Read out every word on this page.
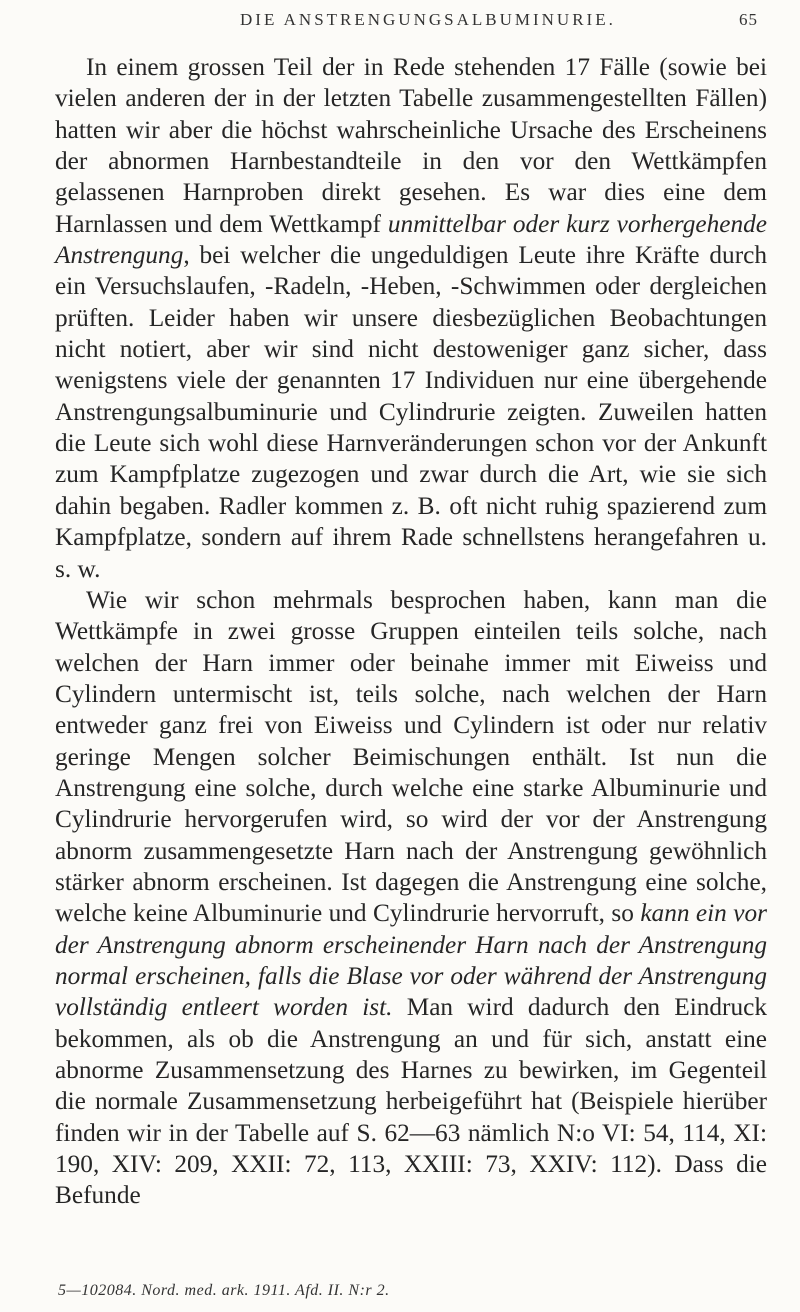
DIE ANSTRENGUNGSALBUMINURIE.	65

In einem grossen Teil der in Rede stehenden 17 Fälle (sowie bei vielen anderen der in der letzten Tabelle zusammengestellten Fällen) hatten wir aber die höchst wahrscheinliche Ursache des Erscheinens der abnormen Harnbestandteile in den vor den Wettkämpfen gelassenen Harnproben direkt gesehen. Es war dies eine dem Harnlassen und dem Wettkampf unmittelbar oder kurz vorhergehende Anstrengung, bei welcher die ungeduldigen Leute ihre Kräfte durch ein Versuchslaufen, -Radeln, -Heben, -Schwimmen oder dergleichen prüften. Leider haben wir unsere diesbezüglichen Beobachtungen nicht notiert, aber wir sind nicht destoweniger ganz sicher, dass wenigstens viele der genannten 17 Individuen nur eine übergehende Anstrengungsalbuminurie und Cylindrurie zeigten. Zuweilen hatten die Leute sich wohl diese Harnveränderungen schon vor der Ankunft zum Kampfplatze zugezogen und zwar durch die Art, wie sie sich dahin begaben. Radler kommen z. B. oft nicht ruhig spazierend zum Kampfplatze, sondern auf ihrem Rade schnellstens herangefahren u. s. w.

Wie wir schon mehrmals besprochen haben, kann man die Wettkämpfe in zwei grosse Gruppen einteilen teils solche, nach welchen der Harn immer oder beinahe immer mit Eiweiss und Cylindern untermischt ist, teils solche, nach welchen der Harn entweder ganz frei von Eiweiss und Cylindern ist oder nur relativ geringe Mengen solcher Beimischungen enthält. Ist nun die Anstrengung eine solche, durch welche eine starke Albuminurie und Cylindrurie hervorgerufen wird, so wird der vor der Anstrengung abnorm zusammengesetzte Harn nach der Anstrengung gewöhnlich stärker abnorm erscheinen. Ist dagegen die Anstrengung eine solche, welche keine Albuminurie und Cylindrurie hervorruft, so kann ein vor der Anstrengung abnorm erscheinender Harn nach der Anstrengung normal erscheinen, falls die Blase vor oder während der Anstrengung vollständig entleert worden ist. Man wird dadurch den Eindruck bekommen, als ob die Anstrengung an und für sich, anstatt eine abnorme Zusammensetzung des Harnes zu bewirken, im Gegenteil die normale Zusammensetzung herbeigeführt hat (Beispiele hierüber finden wir in der Tabelle auf S. 62—63 nämlich N:o VI: 54, 114, XI: 190, XIV: 209, XXII: 72, 113, XXIII: 73, XXIV: 112). Dass die Befunde

5—102084. Nord. med. ark. 1911. Afd. II. N:r 2.
